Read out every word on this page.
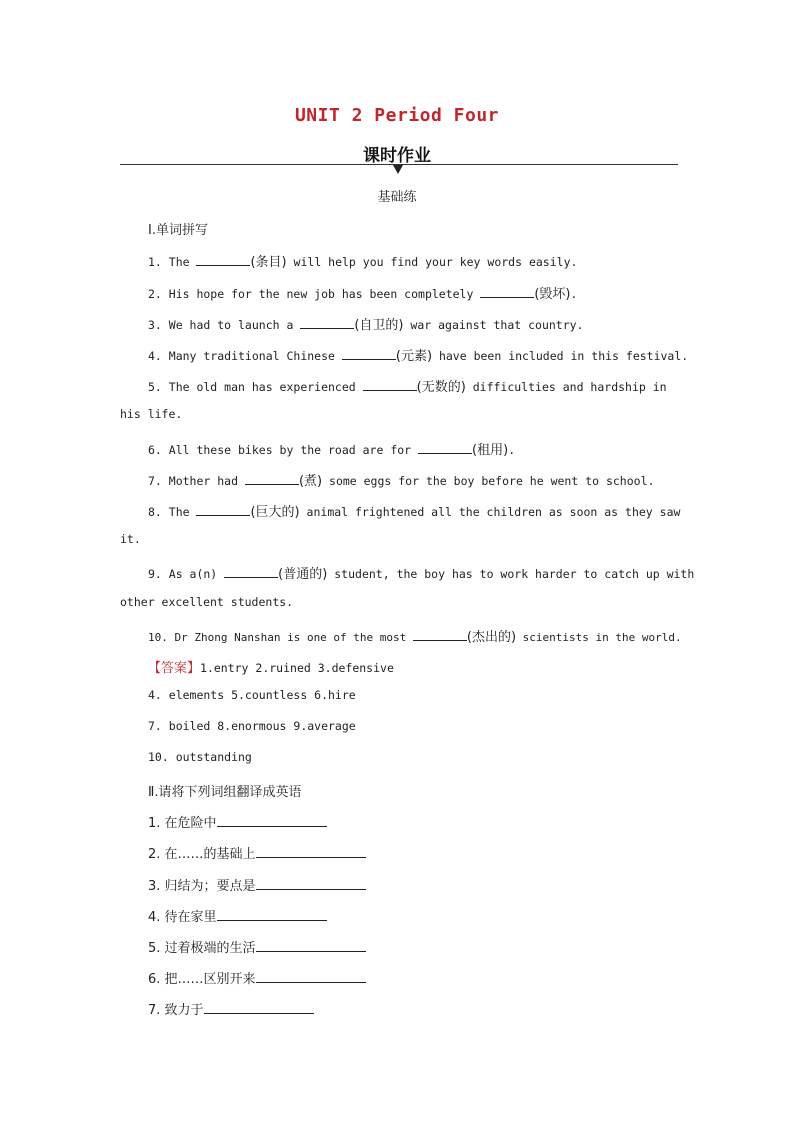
UNIT 2 Period Four
课时作业
基础练
Ⅰ.单词拼写
1. The	(条目) will help you find your key words easily.
2. His hope for the new job has been completely	(毁坏).
3. We had to launch a	(自卫的) war against that country.
4. Many traditional Chinese	(元素) have been included in this festival.
5. The old man has experienced	(无数的) difficulties and hardship in
his life.
6. All these bikes by the road are for	(租用).
7. Mother had	(煮) some eggs for the boy before he went to school.
8. The	(巨大的) animal frightened all the children as soon as they saw
it.
9. As a(n)	(普通的) student, the boy has to work harder to catch up with
other excellent students.
10. Dr Zhong Nanshan is one of the most	(杰出的) scientists in the world.
【答案】1.entry 2.ruined 3.defensive
4. elements 5.countless 6.hire
7. boiled 8.enormous 9.average
10. outstanding
Ⅱ.请将下列词组翻译成英语
1. 在危险中
2. 在……的基础上
3. 归结为；要点是
4. 待在家里
5. 过着极端的生活
6. 把……区别开来
7. 致力于
